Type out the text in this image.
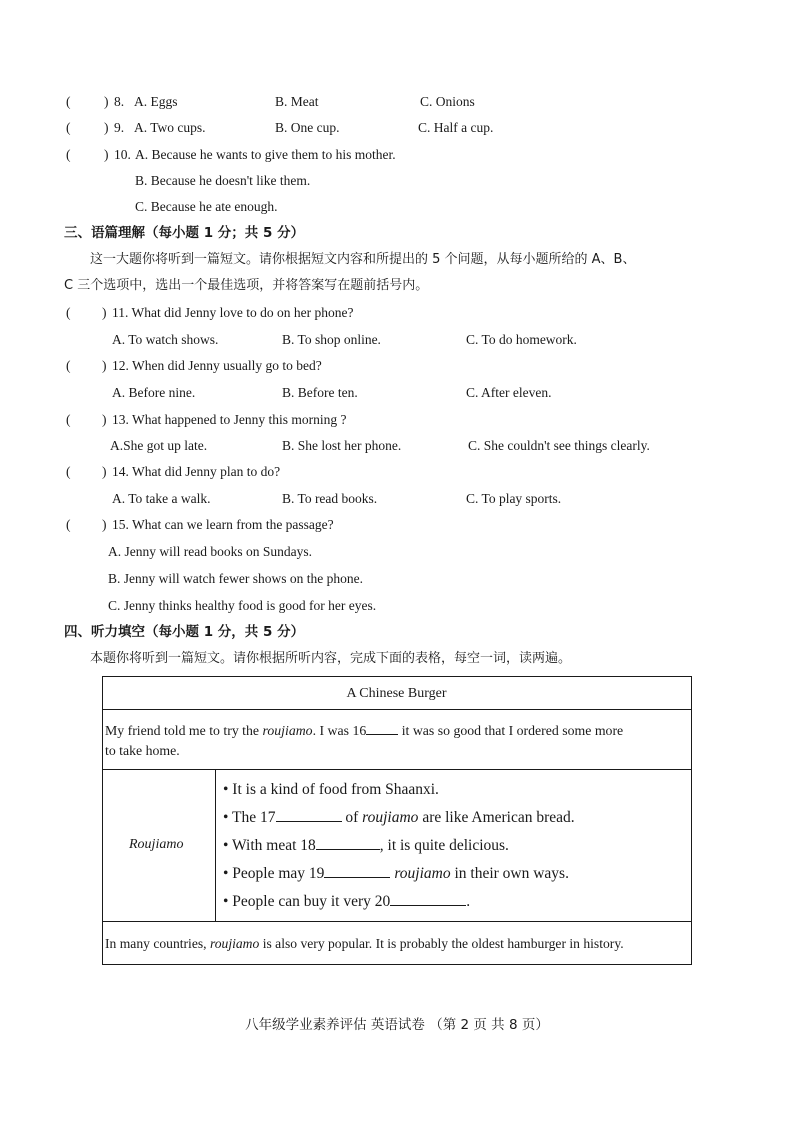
( ) 8. A. Eggs	B. Meat	C. Onions
( ) 9. A. Two cups.	B. One cup.	C. Half a cup.
( ) 10. A. Because he wants to give them to his mother.
B. Because he doesn't like them.
C. Because he ate enough.
三、语篇理解（每小题 1 分；共 5 分）
这一大题你将听到一篇短文。请你根据短文内容和所提出的 5 个问题，从每小题所给的 A、B、
C 三个选项中，选出一个最佳选项，并将答案写在题前括号内。
( ) 11. What did Jenny love to do on her phone?
A. To watch shows.	B. To shop online.	C. To do homework.
( ) 12. When did Jenny usually go to bed?
A. Before nine.	B. Before ten.	C. After eleven.
( ) 13. What happened to Jenny this morning ?
A.She got up late.	B. She lost her phone.	C. She couldn't see things clearly.
( ) 14. What did Jenny plan to do?
A. To take a walk.	B. To read books.	C. To play sports.
( ) 15. What can we learn from the passage?
A. Jenny will read books on Sundays.
B. Jenny will watch fewer shows on the phone.
C. Jenny thinks healthy food is good for her eyes.
四、听力填空（每小题 1 分，共 5 分）
本题你将听到一篇短文。请你根据所听内容，完成下面的表格，每空一词，读两遍。
A Chinese Burger
My friend told me to try the roujiamo. I was 16 it was so good that I ordered some more
to take home.
Roujiamo
• It is a kind of food from Shaanxi.
• The 17	of roujiamo are like American bread.
• With meat 18	, it is quite delicious.
• People may 19	roujiamo in their own ways.
• People can buy it very 20	.
In many countries, roujiamo is also very popular. It is probably the oldest hamburger in history.
八年级学业素养评估 英语试卷 （第 2 页 共 8 页）
